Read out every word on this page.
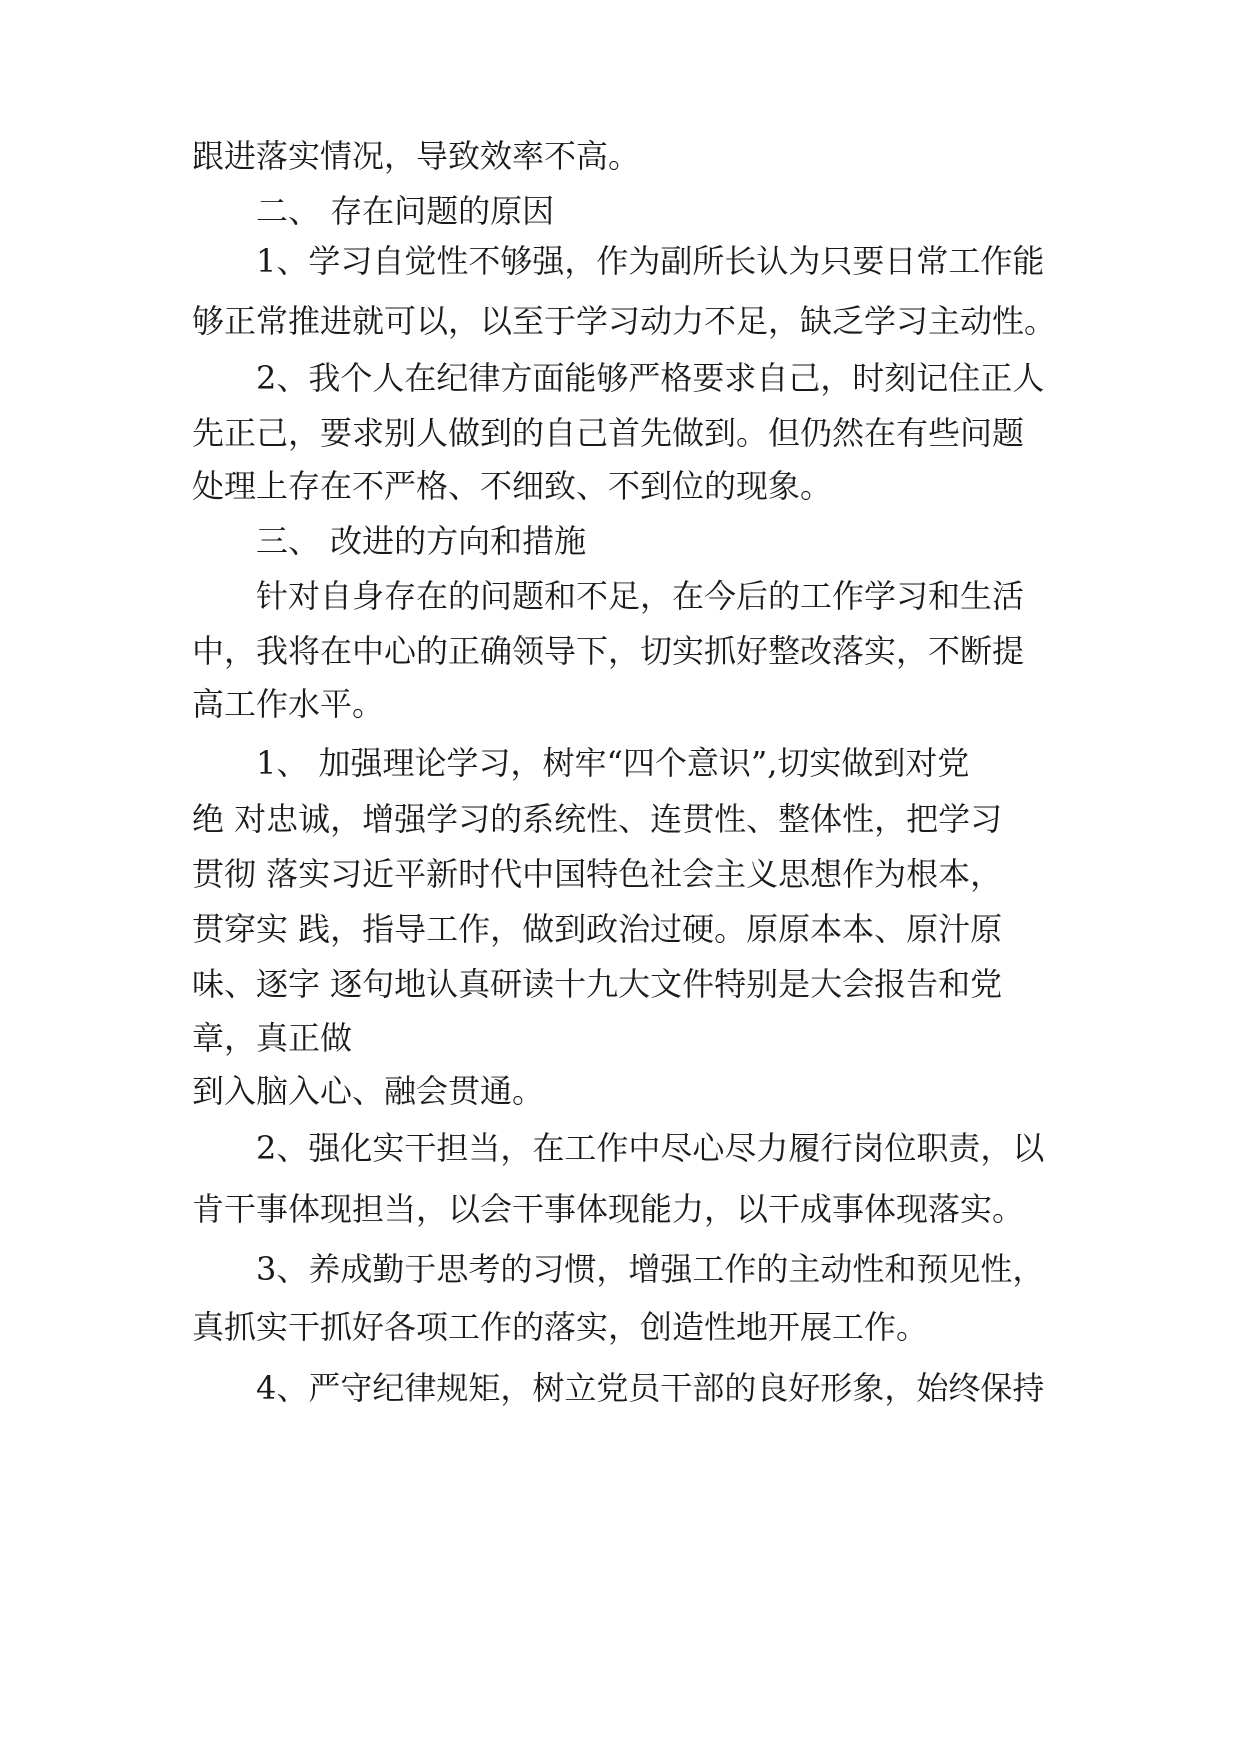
跟进落实情况，导致效率不高。
二、 存在问题的原因
1、学习自觉性不够强，作为副所长认为只要日常工作能
够正常推进就可以，以至于学习动力不足，缺乏学习主动性。
2、我个人在纪律方面能够严格要求自己，时刻记住正人
先正己，要求别人做到的自己首先做到。但仍然在有些问题
处理上存在不严格、不细致、不到位的现象。
三、 改进的方向和措施
针对自身存在的问题和不足，在今后的工作学习和生活
中，我将在中心的正确领导下，切实抓好整改落实，不断提
高工作水平。
1、 加强理论学习，树牢“四个意识”,切实做到对党
绝 对忠诚，增强学习的系统性、连贯性、整体性，把学习
贯彻 落实习近平新时代中国特色社会主义思想作为根本，
贯穿实 践，指导工作，做到政治过硬。原原本本、原汁原
味、逐字 逐句地认真研读十九大文件特别是大会报告和党
章，真正做
到入脑入心、融会贯通。
2、强化实干担当，在工作中尽心尽力履行岗位职责，以
肯干事体现担当，以会干事体现能力，以干成事体现落实。
3、养成勤于思考的习惯，增强工作的主动性和预见性，
真抓实干抓好各项工作的落实，创造性地开展工作。
4、严守纪律规矩，树立党员干部的良好形象，始终保持
